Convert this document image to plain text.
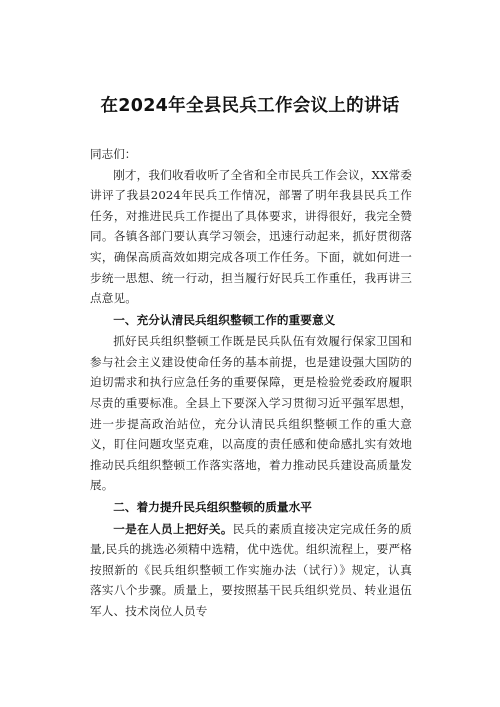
在2024年全县民兵工作会议上的讲话

同志们：

刚才，我们收看收听了全省和全市民兵工作会议，XX常委讲评了我县2024年民兵工作情况，部署了明年我县民兵工作任务，对推进民兵工作提出了具体要求，讲得很好，我完全赞同。各镇各部门要认真学习领会，迅速行动起来，抓好贯彻落实，确保高质高效如期完成各项工作任务。下面，就如何进一步统一思想、统一行动，担当履行好民兵工作重任，我再讲三点意见。

一、充分认清民兵组织整顿工作的重要意义

抓好民兵组织整顿工作既是民兵队伍有效履行保家卫国和参与社会主义建设使命任务的基本前提，也是建设强大国防的迫切需求和执行应急任务的重要保障，更是检验党委政府履职尽责的重要标准。全县上下要深入学习贯彻习近平强军思想，进一步提高政治站位，充分认清民兵组织整顿工作的重大意义，盯住问题攻坚克难，以高度的责任感和使命感扎实有效地推动民兵组织整顿工作落实落地，着力推动民兵建设高质量发展。

二、着力提升民兵组织整顿的质量水平

一是在人员上把好关。民兵的素质直接决定完成任务的质量,民兵的挑选必须精中选精，优中选优。组织流程上，要严格按照新的《民兵组织整顿工作实施办法（试行）》规定，认真落实八个步骤。质量上，要按照基干民兵组织党员、转业退伍军人、技术岗位人员专
